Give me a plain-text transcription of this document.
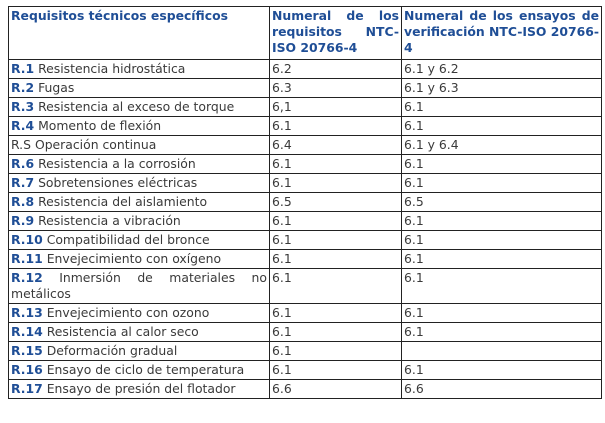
Requisitos técnicos específicos	Numeral de los requisitos NTC-ISO 20766-4	Numeral de los ensayos de verificación NTC-ISO 20766-4
R.1 Resistencia hidrostática	6.2	6.1 y 6.2
R.2 Fugas	6.3	6.1 y 6.3
R.3 Resistencia al exceso de torque	6,1	6.1
R.4 Momento de flexión	6.1	6.1
R.S Operación continua	6.4	6.1 y 6.4
R.6 Resistencia a la corrosión	6.1	6.1
R.7 Sobretensiones eléctricas	6.1	6.1
R.8 Resistencia del aislamiento	6.5	6.5
R.9 Resistencia a vibración	6.1	6.1
R.10 Compatibilidad del bronce	6.1	6.1
R.11 Envejecimiento con oxígeno	6.1	6.1
R.12 Inmersión de materiales no metálicos	6.1	6.1
R.13 Envejecimiento con ozono	6.1	6.1
R.14 Resistencia al calor seco	6.1	6.1
R.15 Deformación gradual	6.1	
R.16 Ensayo de ciclo de temperatura	6.1	6.1
R.17 Ensayo de presión del flotador	6.6	6.6
